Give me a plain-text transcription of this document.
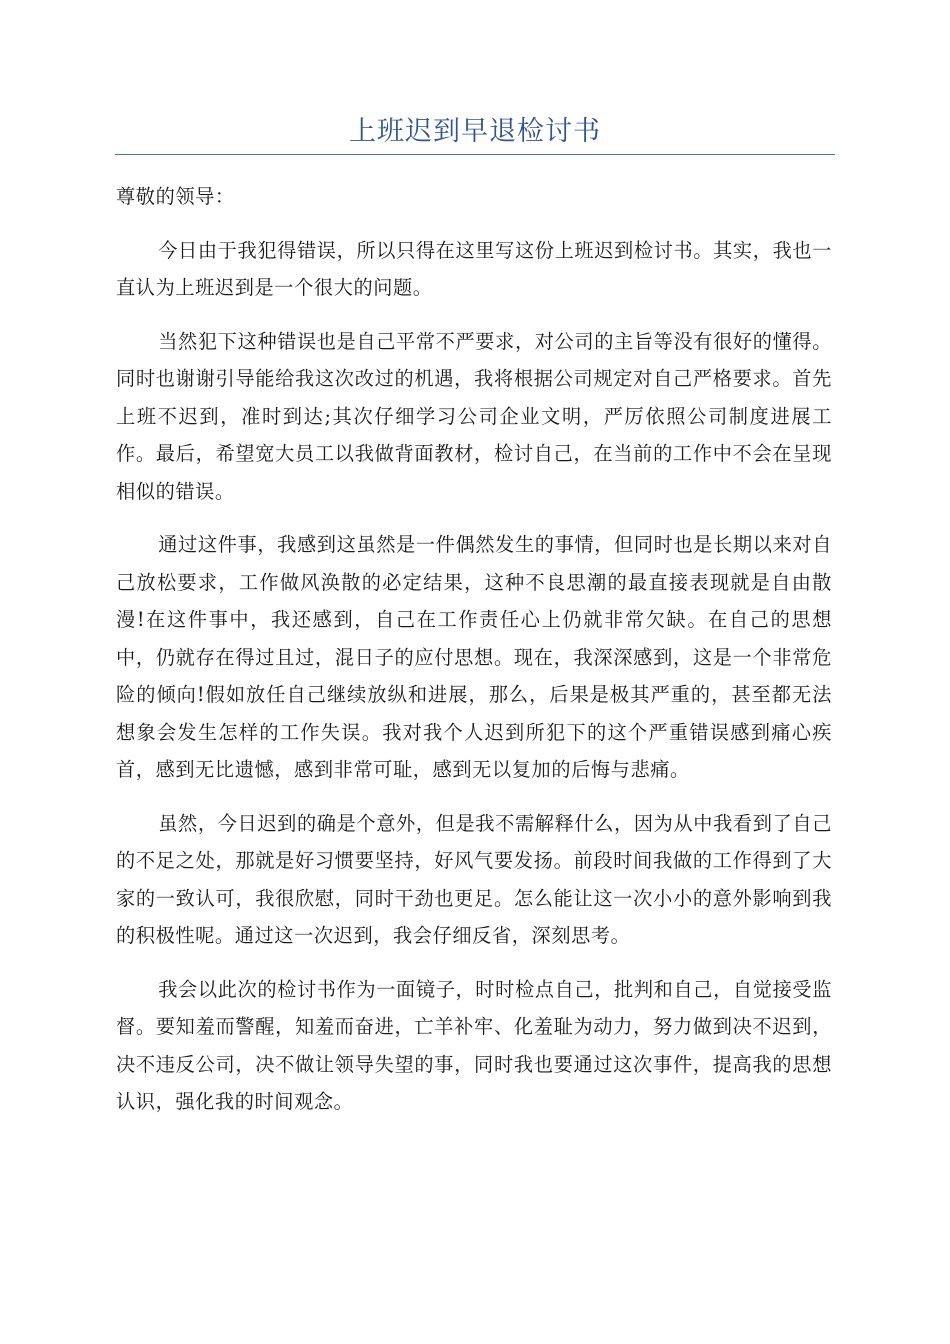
上班迟到早退检讨书

尊敬的领导：

今日由于我犯得错误，所以只得在这里写这份上班迟到检讨书。其实，我也一直认为上班迟到是一个很大的问题。

当然犯下这种错误也是自己平常不严要求，对公司的主旨等没有很好的懂得。同时也谢谢引导能给我这次改过的机遇，我将根据公司规定对自己严格要求。首先上班不迟到，准时到达;其次仔细学习公司企业文明，严厉依照公司制度进展工作。最后，希望宽大员工以我做背面教材，检讨自己，在当前的工作中不会在呈现相似的错误。

通过这件事，我感到这虽然是一件偶然发生的事情，但同时也是长期以来对自己放松要求，工作做风涣散的必定结果，这种不良思潮的最直接表现就是自由散漫!在这件事中，我还感到，自己在工作责任心上仍就非常欠缺。在自己的思想中，仍就存在得过且过，混日子的应付思想。现在，我深深感到，这是一个非常危险的倾向!假如放任自己继续放纵和进展，那么，后果是极其严重的，甚至都无法想象会发生怎样的工作失误。我对我个人迟到所犯下的这个严重错误感到痛心疾首，感到无比遗憾，感到非常可耻，感到无以复加的后悔与悲痛。

虽然，今日迟到的确是个意外，但是我不需解释什么，因为从中我看到了自己的不足之处，那就是好习惯要坚持，好风气要发扬。前段时间我做的工作得到了大家的一致认可，我很欣慰，同时干劲也更足。怎么能让这一次小小的意外影响到我的积极性呢。通过这一次迟到，我会仔细反省，深刻思考。

我会以此次的检讨书作为一面镜子，时时检点自己，批判和自己，自觉接受监督。要知羞而警醒，知羞而奋进，亡羊补牢、化羞耻为动力，努力做到决不迟到，决不违反公司，决不做让领导失望的事，同时我也要通过这次事件，提高我的思想认识，强化我的时间观念。
